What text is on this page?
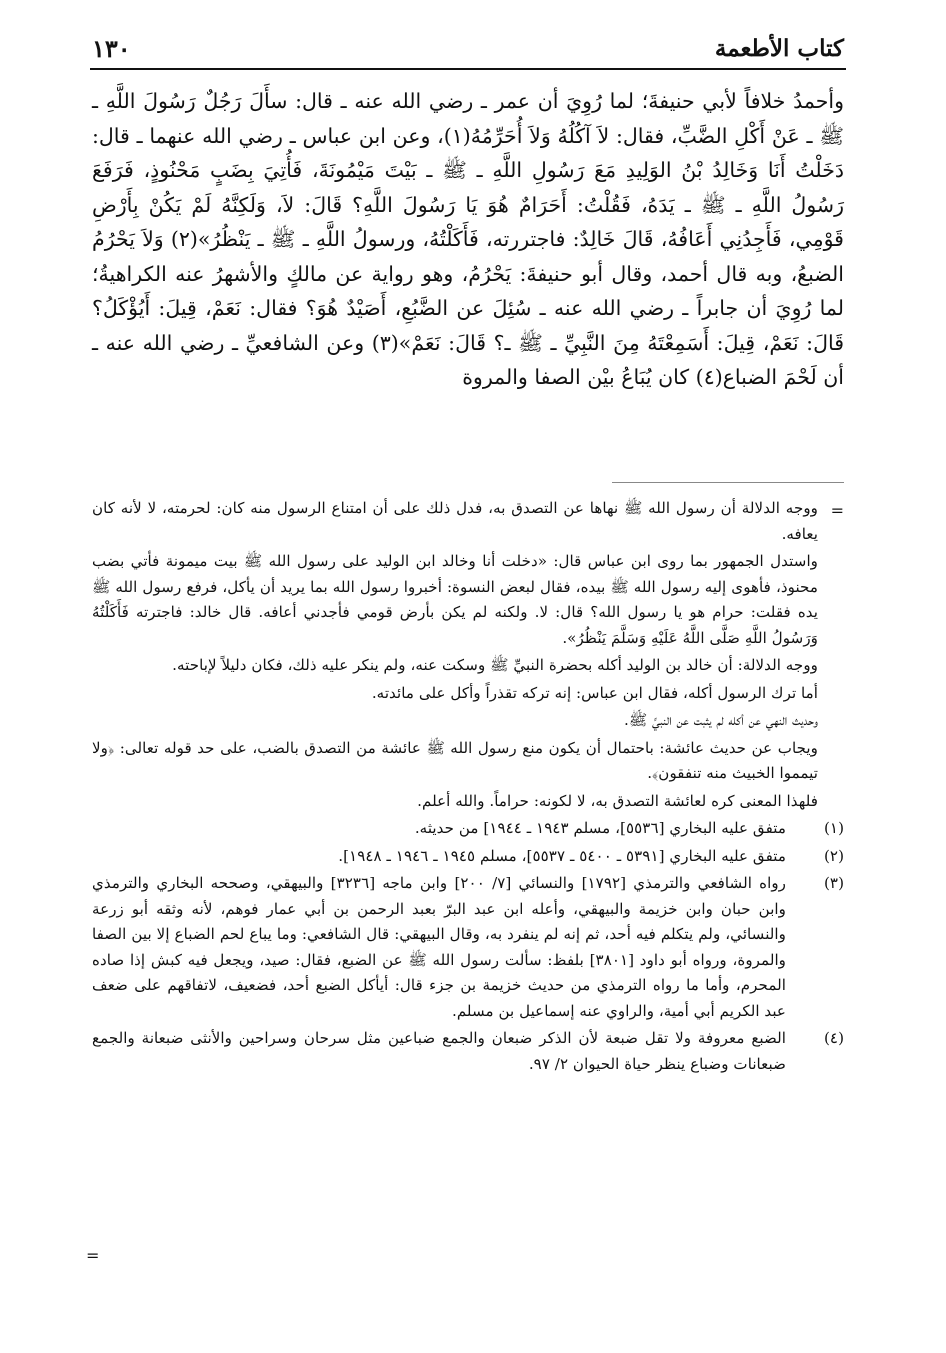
كتاب الأطعمة
١٣٠

وأحمدُ خلافاً لأبي حنيفةَ؛ لما رُوِيَ أن عمر ـ رضي الله عنه ـ قال: سأَلَ رَجُلٌ رَسُولَ اللَّهِ ـ ﷺ ـ عَنْ أَكْلِ الضَّبِّ، فقال: لاَ آكُلُهُ وَلاَ أُحَرِّمُهُ(١)، وعن ابن عباس ـ رضي الله عنهما ـ قال: دَخَلْتُ أَنَا وَخَالِدُ بْنُ الوَلِيدِ مَعَ رَسُولِ اللَّهِ ـ ﷺ ـ بَيْتَ مَيْمُونَةَ، فَأُتِيَ بِضَبٍ مَحْنُوذٍ، فَرَفَعَ رَسُولُ اللَّهِ ـ ﷺ ـ يَدَهُ، فَقُلْتُ: أَحَرَامٌ هُوَ يَا رَسُولَ اللَّهِ؟ قَالَ: لاَ، وَلَكِنَّهُ لَمْ يَكُنْ بِأَرْضِ قَوْمِي، فَأَجِدُنِي أَعَافُهُ، قَالَ خَالِدٌ: فاجتررته، فَأَكَلْتُهُ، ورسولُ اللَّهِ ـ ﷺ ـ يَنْظُرُ»(٢) وَلاَ يَحْرُمُ الضبعُ، وبه قال أحمد، وقال أبو حنيفةَ: يَحْرُمُ، وهو رواية عن مالكٍ والأشهرُ عنه الكراهيةُ؛ لما رُوِيَ أن جابراً ـ رضي الله عنه ـ سُئِلَ عن الضَّبُعِ، أَصَيْدٌ هُوَ؟ فقال: نَعَمْ، قِيلَ: أَيُؤْكَلُ؟ قَالَ: نَعَمْ، قِيلَ: أَسَمِعْتَهُ مِنَ النَّبِيِّ ـ ﷺ ـ؟ قَالَ: نَعَمْ»(٣) وعن الشافعيِّ ـ رضي الله عنه ـ أن لَحْمَ الضباع(٤) كان يُبَاعُ بيْن الصفا والمروة

=

ووجه الدلالة أن رسول الله ﷺ نهاها عن التصدق به، فدل ذلك على أن امتناع الرسول منه كان: لحرمته، لا لأنه كان يعافه.

واستدل الجمهور بما روى ابن عباس قال: «دخلت أنا وخالد ابن الوليد على رسول الله ﷺ بيت ميمونة فأتي بضب محنوذ، فأهوى إليه رسول الله ﷺ بيده، فقال لبعض النسوة: أخبروا رسول الله بما يريد أن يأكل، فرفع رسول الله ﷺ يده فقلت: حرام هو يا رسول الله؟ قال: لا. ولكنه لم يكن بأرض قومي فأجدني أعافه. قال خالد: فاجترته فَأَكَلْتُهُ وَرَسُولُ اللَّهِ صَلَّى اللَّهُ عَلَيْهِ وَسَلَّمَ يَنْظُرُ».

ووجه الدلالة: أن خالد بن الوليد أكله بحضرة النبيِّ ﷺ وسكت عنه، ولم ينكر عليه ذلك، فكان دليلاً لإباحته.

أما ترك الرسول أكله، فقال ابن عباس: إنه تركه تقذراً وأكل على مائدته.

وحديث النهي عن أكله لم يثبت عن النبيِّ ﷺ.

ويجاب عن حديث عائشة: باحتمال أن يكون منع رسول الله ﷺ عائشة من التصدق بالضب، على حد قوله تعالى: ﴿ولا تيمموا الخبيث منه تنفقون﴾.

فلهذا المعنى كره لعائشة التصدق به، لا لكونه: حراماً. والله أعلم.

(١)

متفق عليه البخاري [٥٥٣٦]، مسلم ١٩٤٣ ـ ١٩٤٤] من حديثه.

(٢)

متفق عليه البخاري [٥٣٩١ ـ ٥٤٠٠ ـ ٥٥٣٧]، مسلم ١٩٤٥ ـ ١٩٤٦ ـ ١٩٤٨].

(٣)

رواه الشافعي والترمذي [١٧٩٢] والنسائي [٧/ ٢٠٠] وابن ماجه [٣٢٣٦] والبيهقي، وصححه البخاري والترمذي وابن حبان وابن خزيمة والبيهقي، وأعله ابن عبد البرّ بعبد الرحمن بن أبي عمار فوهم، لأنه وثقه أبو زرعة والنسائي، ولم يتكلم فيه أحد، ثم إنه لم ينفرد به، وقال البيهقي: قال الشافعي: وما يباع لحم الضباع إلا بين الصفا والمروة، ورواه أبو داود [٣٨٠١] بلفظ: سألت رسول الله ﷺ عن الضبع، فقال: صيد، ويجعل فيه كبش إذا صاده المحرم، وأما ما رواه الترمذي من حديث خزيمة بن جزء قال: أيأكل الضبع أحد، فضعيف، لاتفاقهم على ضعف عبد الكريم أبي أمية، والراوي عنه إسماعيل بن مسلم.

(٤)

الضبع معروفة ولا تقل ضبعة لأن الذكر ضبعان والجمع ضباعين مثل سرحان وسراحين والأنثى ضبعانة والجمع ضبعانات وضباع ينظر حياة الحيوان ٢/ ٩٧.

=
